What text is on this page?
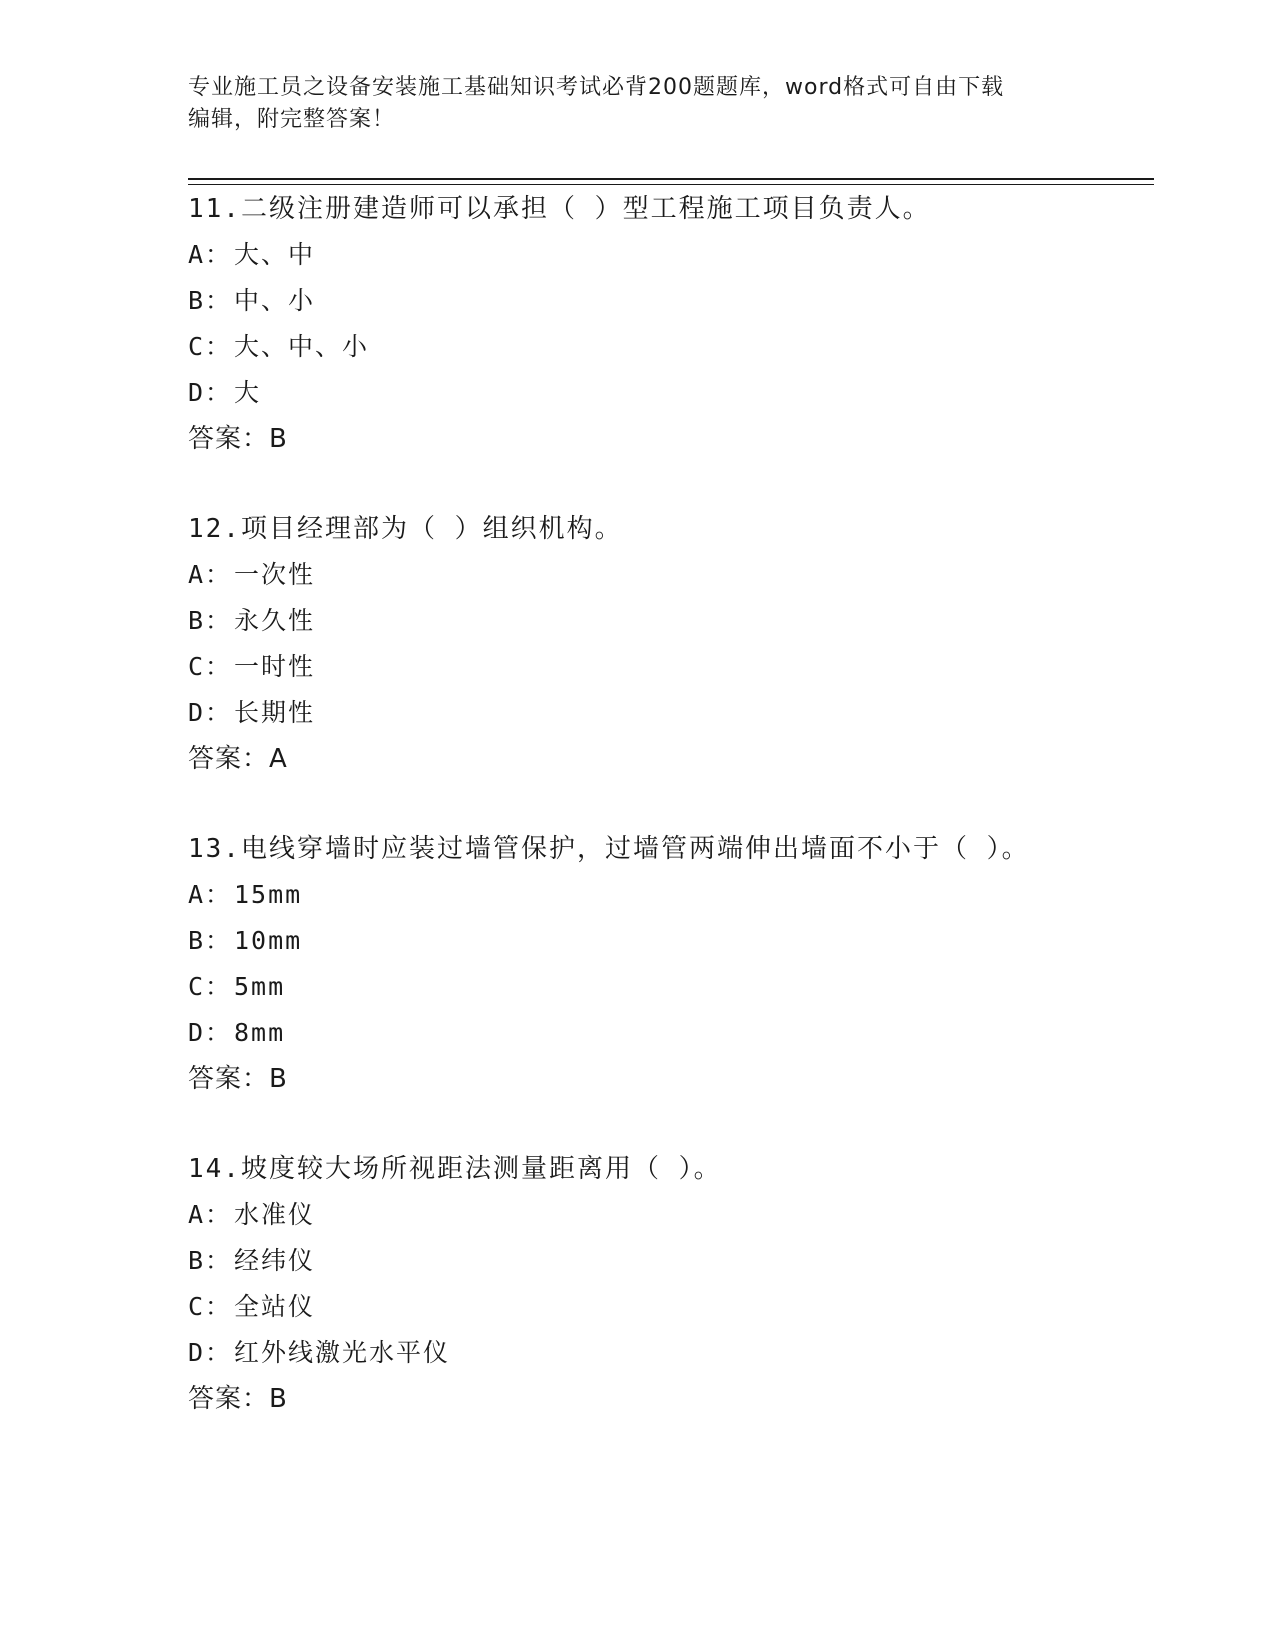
专业施工员之设备安装施工基础知识考试必背200题题库，word格式可自由下载
编辑，附完整答案！
11.二级注册建造师可以承担（ ）型工程施工项目负责人。
A：大、中
B：中、小
C：大、中、小
D：大
答案：B
12.项目经理部为（ ）组织机构。
A：一次性
B：永久性
C：一时性
D：长期性
答案：A
13.电线穿墙时应装过墙管保护，过墙管两端伸出墙面不小于（ ）。
A：15mm
B：10mm
C：5mm
D：8mm
答案：B
14.坡度较大场所视距法测量距离用（ ）。
A：水准仪
B：经纬仪
C：全站仪
D：红外线激光水平仪
答案：B
